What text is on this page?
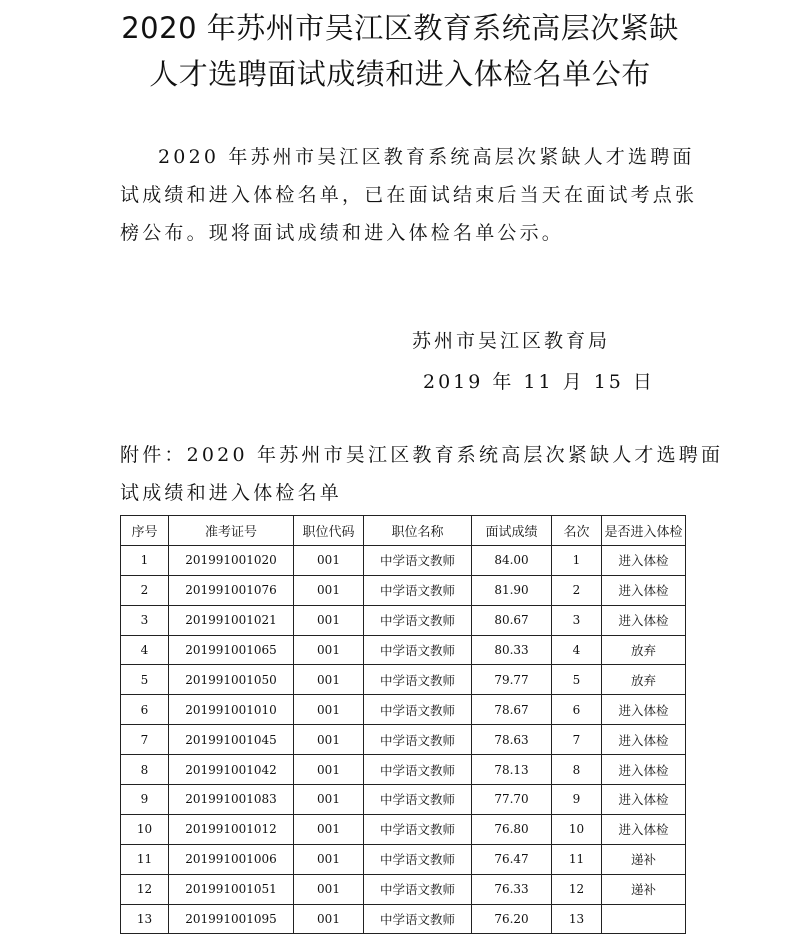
2020 年苏州市吴江区教育系统高层次紧缺
人才选聘面试成绩和进入体检名单公布
2020 年苏州市吴江区教育系统高层次紧缺人才选聘面
试成绩和进入体检名单，已在面试结束后当天在面试考点张
榜公布。现将面试成绩和进入体检名单公示。
苏州市吴江区教育局
2019 年 11 月 15 日
附件：2020 年苏州市吴江区教育系统高层次紧缺人才选聘面
试成绩和进入体检名单
序号	准考证号	职位代码	职位名称	面试成绩	名次	是否进入体检
1	201991001020	001	中学语文教师	84.00	1	进入体检
2	201991001076	001	中学语文教师	81.90	2	进入体检
3	201991001021	001	中学语文教师	80.67	3	进入体检
4	201991001065	001	中学语文教师	80.33	4	放弃
5	201991001050	001	中学语文教师	79.77	5	放弃
6	201991001010	001	中学语文教师	78.67	6	进入体检
7	201991001045	001	中学语文教师	78.63	7	进入体检
8	201991001042	001	中学语文教师	78.13	8	进入体检
9	201991001083	001	中学语文教师	77.70	9	进入体检
10	201991001012	001	中学语文教师	76.80	10	进入体检
11	201991001006	001	中学语文教师	76.47	11	递补
12	201991001051	001	中学语文教师	76.33	12	递补
13	201991001095	001	中学语文教师	76.20	13	
